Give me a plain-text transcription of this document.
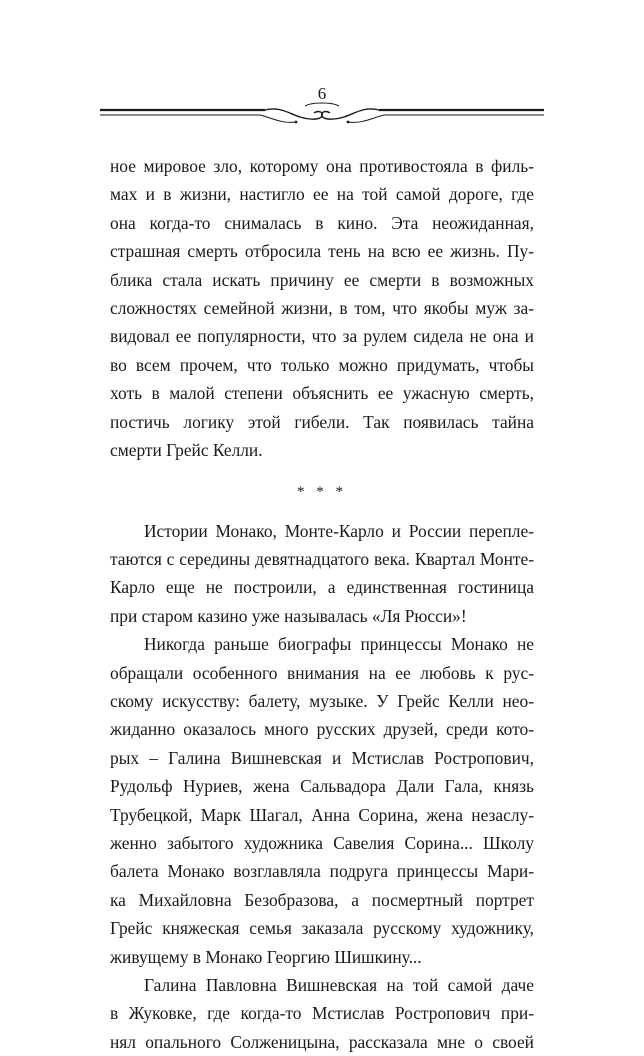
6

ное мировое зло, которому она противостояла в филь-
мах и в жизни, настигло ее на той самой дороге, где
она когда-то снималась в кино. Эта неожиданная,
страшная смерть отбросила тень на всю ее жизнь. Пу-
блика стала искать причину ее смерти в возможных
сложностях семейной жизни, в том, что якобы муж за-
видовал ее популярности, что за рулем сидела не она и
во всем прочем, что только можно придумать, чтобы
хоть в малой степени объяснить ее ужасную смерть,
постичь логику этой гибели. Так появилась тайна
смерти Грейс Келли.

* * *

Истории Монако, Монте-Карло и России перепле-
таются с середины девятнадцатого века. Квартал Монте-
Карло еще не построили, а единственная гостиница
при старом казино уже называлась «Ля Рюсси»!

Никогда раньше биографы принцессы Монако не
обращали особенного внимания на ее любовь к рус-
скому искусству: балету, музыке. У Грейс Келли нео-
жиданно оказалось много русских друзей, среди кото-
рых – Галина Вишневская и Мстислав Ростропович,
Рудольф Нуриев, жена Сальвадора Дали Гала, князь
Трубецкой, Марк Шагал, Анна Сорина, жена незаслу-
женно забытого художника Савелия Сорина... Школу
балета Монако возглавляла подруга принцессы Мари-
ка Михайловна Безобразова, а посмертный портрет
Грейс княжеская семья заказала русскому художнику,
живущему в Монако Георгию Шишкину...

Галина Павловна Вишневская на той самой даче
в Жуковке, где когда-то Мстислав Ростропович при-
нял опального Солженицына, рассказала мне о своей
